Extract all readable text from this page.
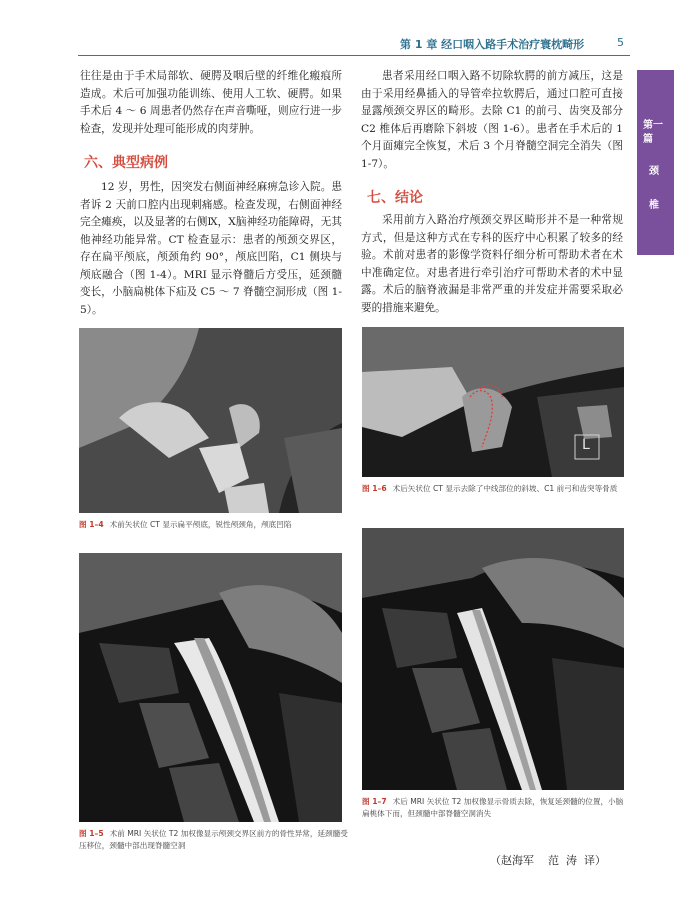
第 1 章 经口咽入路手术治疗寰枕畸形	5
第一
篇
颈
椎

往往是由于手术局部软、硬腭及咽后壁的纤维化瘢痕所造成。术后可加强功能训练、使用人工软、硬腭。如果手术后 4 ～ 6 周患者仍然存在声音嘶哑，则应行进一步检查，发现并处理可能形成的肉芽肿。

六、典型病例

12 岁，男性，因突发右侧面神经麻痹急诊入院。患者诉 2 天前口腔内出现刺痛感。检查发现，右侧面神经完全瘫痪，以及显著的右侧Ⅸ，Ⅹ脑神经功能障碍，无其他神经功能异常。CT 检查显示：患者的颅颈交界区，存在扁平颅底，颅颈角约 90°，颅底凹陷，C1 侧块与颅底融合（图 1-4）。MRI 显示脊髓后方受压，延颈髓变长，小脑扁桃体下疝及 C5 ～ 7 脊髓空洞形成（图 1-5）。

图 1–4 术前矢状位 CT 显示扁平颅底，锐性颅颈角，颅底凹陷
图 1–5 术前 MRI 矢状位 T2 加权像显示颅颈交界区前方的骨性异常，延颈髓受压移位，颈髓中部出现脊髓空洞

患者采用经口咽入路不切除软腭的前方减压，这是由于采用经鼻插入的导管牵拉软腭后，通过口腔可直接显露颅颈交界区的畸形。去除 C1 的前弓、齿突及部分 C2 椎体后再磨除下斜坡（图 1-6）。患者在手术后的 1 个月面瘫完全恢复，术后 3 个月脊髓空洞完全消失（图 1-7）。

七、结论

采用前方入路治疗颅颈交界区畸形并不是一种常规方式，但是这种方式在专科的医疗中心积累了较多的经验。术前对患者的影像学资料仔细分析可帮助术者在术中准确定位。对患者进行牵引治疗可帮助术者的术中显露。术后的脑脊液漏是非常严重的并发症并需要采取必要的措施来避免。

L
图 1–6 术后矢状位 CT 显示去除了中线部位的斜坡、C1 前弓和齿突等骨质
图 1–7 术后 MRI 矢状位 T2 加权像显示骨质去除，恢复延颈髓的位置，小脑扁桃体下而，但颈髓中部脊髓空洞消失
（赵海军    范  涛  译）
